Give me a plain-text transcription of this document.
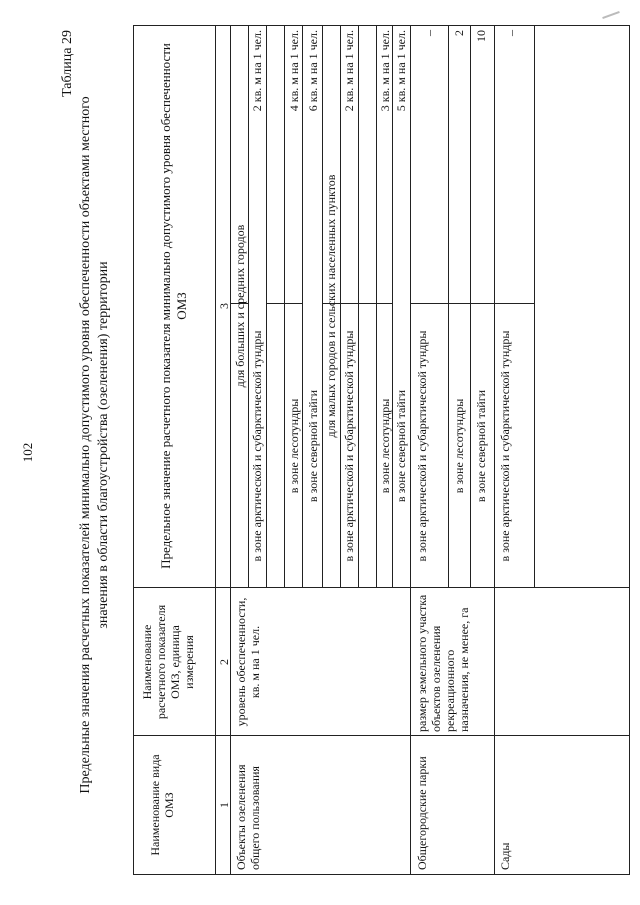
102
Таблица 29
Предельные значения расчетных показателей минимально допустимого уровня обеспеченности объектами местного значения в области благоустройства (озеленения) территории
Наименование вида ОМЗ
Наименование расчетного показателя ОМЗ, единица измерения
Предельное значение расчетного показателя минимально допустимого уровня обеспеченности ОМЗ
1
2
3
Объекты озеленения общего пользования
уровень обеспеченности, кв. м на 1 чел.
для больших и средних городов
в зоне арктической и субарктической тундры
2 кв. м на 1 чел.
в зоне лесотундры
4 кв. м на 1 чел.
в зоне северной тайги
6 кв. м на 1 чел.
для малых городов и сельских населенных пунктов
в зоне арктической и субарктической тундры
2 кв. м на 1 чел.
в зоне лесотундры
3 кв. м на 1 чел.
в зоне северной тайги
5 кв. м на 1 чел.
Общегородские парки
размер земельного участка объектов озеленения рекреационного назначения, не менее, га
в зоне арктической и субарктической тундры
–
в зоне лесотундры
2
в зоне северной тайги
10
Сады
в зоне арктической и субарктической тундры
–
